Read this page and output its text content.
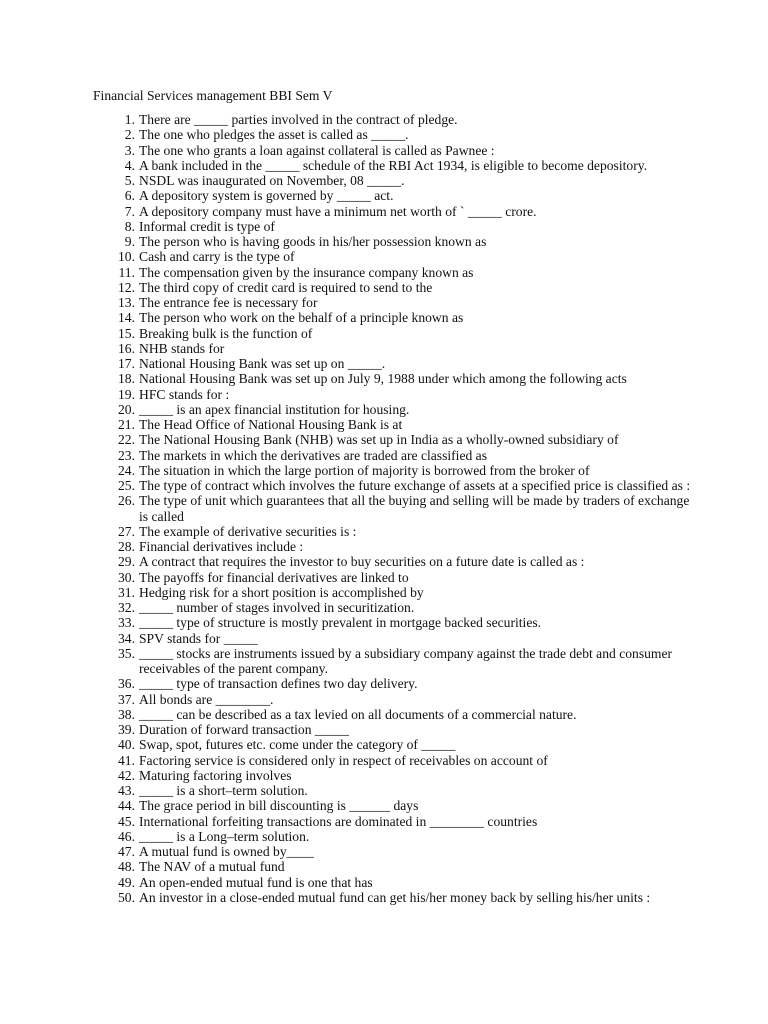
Financial Services management BBI Sem V
1. There are _____ parties involved in the contract of pledge.
2. The one who pledges the asset is called as _____.
3. The one who grants a loan against collateral is called as Pawnee :
4. A bank included in the _____ schedule of the RBI Act 1934, is eligible to become depository.
5. NSDL was inaugurated on November, 08 _____.
6. A depository system is governed by _____ act.
7. A depository company must have a minimum net worth of ` _____ crore.
8. Informal credit is type of
9. The person who is having goods in his/her possession known as
10. Cash and carry is the type of
11. The compensation given by the insurance company known as
12. The third copy of credit card is required to send to the
13. The entrance fee is necessary for
14. The person who work on the behalf of a principle known as
15. Breaking bulk is the function of
16. NHB stands for
17. National Housing Bank was set up on _____.
18. National Housing Bank was set up on July 9, 1988 under which among the following acts
19. HFC stands for :
20. _____ is an apex financial institution for housing.
21. The Head Office of National Housing Bank is at
22. The National Housing Bank (NHB) was set up in India as a wholly-owned subsidiary of
23. The markets in which the derivatives are traded are classified as
24. The situation in which the large portion of majority is borrowed from the broker of
25. The type of contract which involves the future exchange of assets at a specified price is classified as :
26. The type of unit which guarantees that all the buying and selling will be made by traders of exchange is called
27. The example of derivative securities is :
28. Financial derivatives include :
29. A contract that requires the investor to buy securities on a future date is called as :
30. The payoffs for financial derivatives are linked to
31. Hedging risk for a short position is accomplished by
32. _____ number of stages involved in securitization.
33. _____ type of structure is mostly prevalent in mortgage backed securities.
34. SPV stands for _____
35. _____ stocks are instruments issued by a subsidiary company against the trade debt and consumer receivables of the parent company.
36. _____ type of transaction defines two day delivery.
37. All bonds are ________.
38. _____ can be described as a tax levied on all documents of a commercial nature.
39. Duration of forward transaction _____
40. Swap, spot, futures etc. come under the category of _____
41. Factoring service is considered only in respect of receivables on account of
42. Maturing factoring involves
43. _____ is a short–term solution.
44. The grace period in bill discounting is ______ days
45. International forfeiting transactions are dominated in ________ countries
46. _____ is a Long–term solution.
47. A mutual fund is owned by____
48. The NAV of a mutual fund
49. An open-ended mutual fund is one that has
50. An investor in a close-ended mutual fund can get his/her money back by selling his/her units :
